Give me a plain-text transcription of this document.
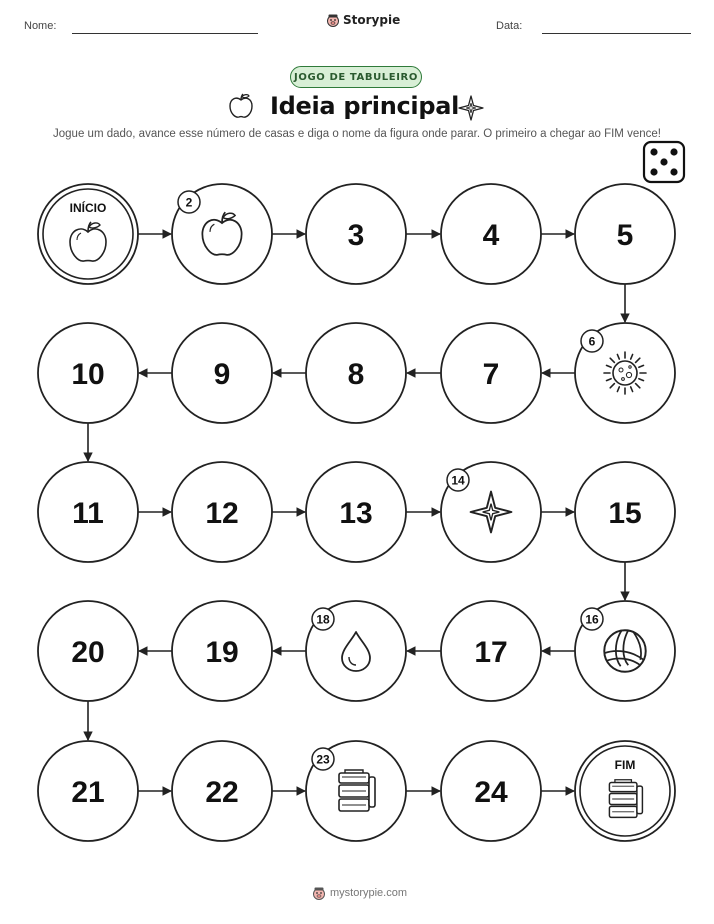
Nome:	Storypie	Data:
JOGO DE TABULEIRO
Ideia principal
Jogue um dado, avance esse número de casas e diga o nome da figura onde parar. O primeiro a chegar ao FIM vence!
INÍCIO	2
3	4	5
6
7
8
9
10
11	12	13
14
15
16
17
18
19
20
21	22
23
24
FIM
mystorypie.com
